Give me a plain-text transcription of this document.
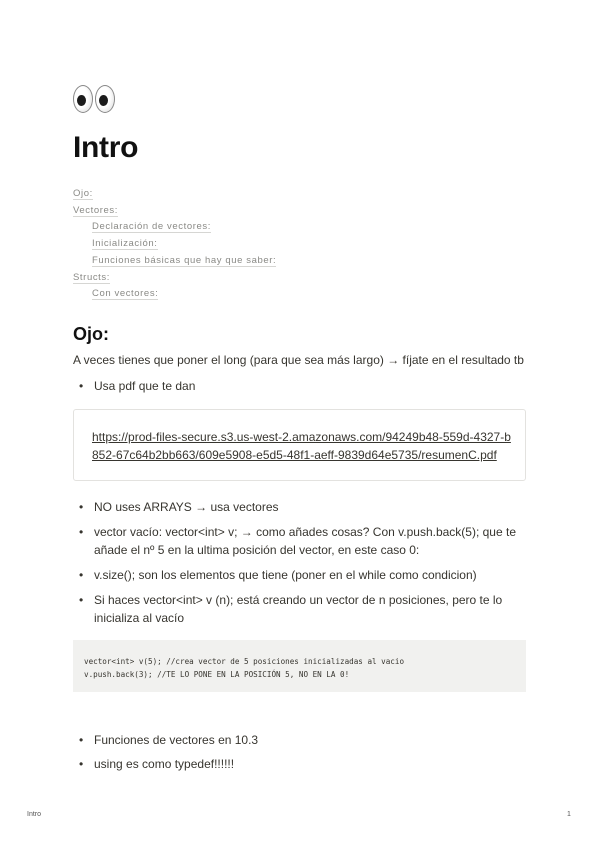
Intro
Ojo:
Vectores:
Declaración de vectores:
Inicialización:
Funciones básicas que hay que saber:
Structs:
Con vectores:
Ojo:
A veces tienes que poner el long (para que sea más largo) → fíjate en el resultado tb
• Usa pdf que te dan
https://prod-files-secure.s3.us-west-2.amazonaws.com/94249b48-559d-4327-b852-67c64b2bb663/609e5908-e5d5-48f1-aeff-9839d64e5735/resumenC.pdf
• NO uses ARRAYS → usa vectores
• vector vacío: vector<int> v; → como añades cosas? Con v.push.back(5); que te añade el nº 5 en la ultima posición del vector, en este caso 0:
• v.size(); son los elementos que tiene (poner en el while como condicion)
• Si haces vector<int> v (n); está creando un vector de n posiciones, pero te lo inicializa al vacío
vector<int> v(5); //crea vector de 5 posiciones inicializadas al vacio
v.push.back(3); //TE LO PONE EN LA POSICIÓN 5, NO EN LA 0!
• Funciones de vectores en 10.3
• using es como typedef!!!!!!
Intro	1
